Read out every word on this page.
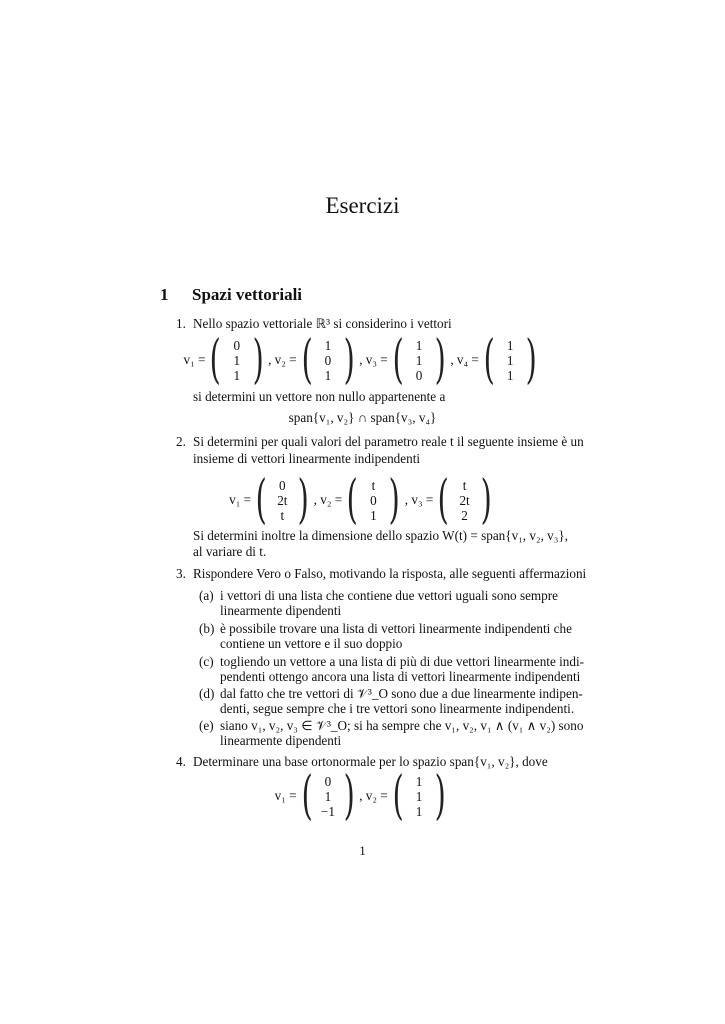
Esercizi
1 Spazi vettoriali
1. Nello spazio vettoriale ℝ³ si considerino i vettori
v₁ = ( 0
1
1 ) , v₂ = ( 1
0
1 ) , v₃ = ( 1
1
0 ) , v₄ = ( 1
1
1 )
si determini un vettore non nullo appartenente a
span{v₁, v₂} ∩ span{v₃, v₄}
2. Si determini per quali valori del parametro reale t il seguente insieme è un
insieme di vettori linearmente indipendenti
v₁ = ( 0
2t
t ) , v₂ = ( t
0
1 ) , v₃ = ( t
2t
2 )
Si determini inoltre la dimensione dello spazio W(t) = span{v₁, v₂, v₃},
al variare di t.
3. Rispondere Vero o Falso, motivando la risposta, alle seguenti affermazioni
(a) i vettori di una lista che contiene due vettori uguali sono sempre
linearmente dipendenti
(b) è possibile trovare una lista di vettori linearmente indipendenti che
contiene un vettore e il suo doppio
(c) togliendo un vettore a una lista di più di due vettori linearmente indi-
pendenti ottengo ancora una lista di vettori linearmente indipendenti
(d) dal fatto che tre vettori di 𝒱³_O sono due a due linearmente indipen-
denti, segue sempre che i tre vettori sono linearmente indipendenti.
(e) siano v₁, v₂, v₃ ∈ 𝒱³_O; si ha sempre che v₁, v₂, v₁ ∧ (v₁ ∧ v₂) sono
linearmente dipendenti
4. Determinare una base ortonormale per lo spazio span{v₁, v₂}, dove
v₁ = ( 0
1
−1 ) , v₂ = ( 1
1
1 )
1
